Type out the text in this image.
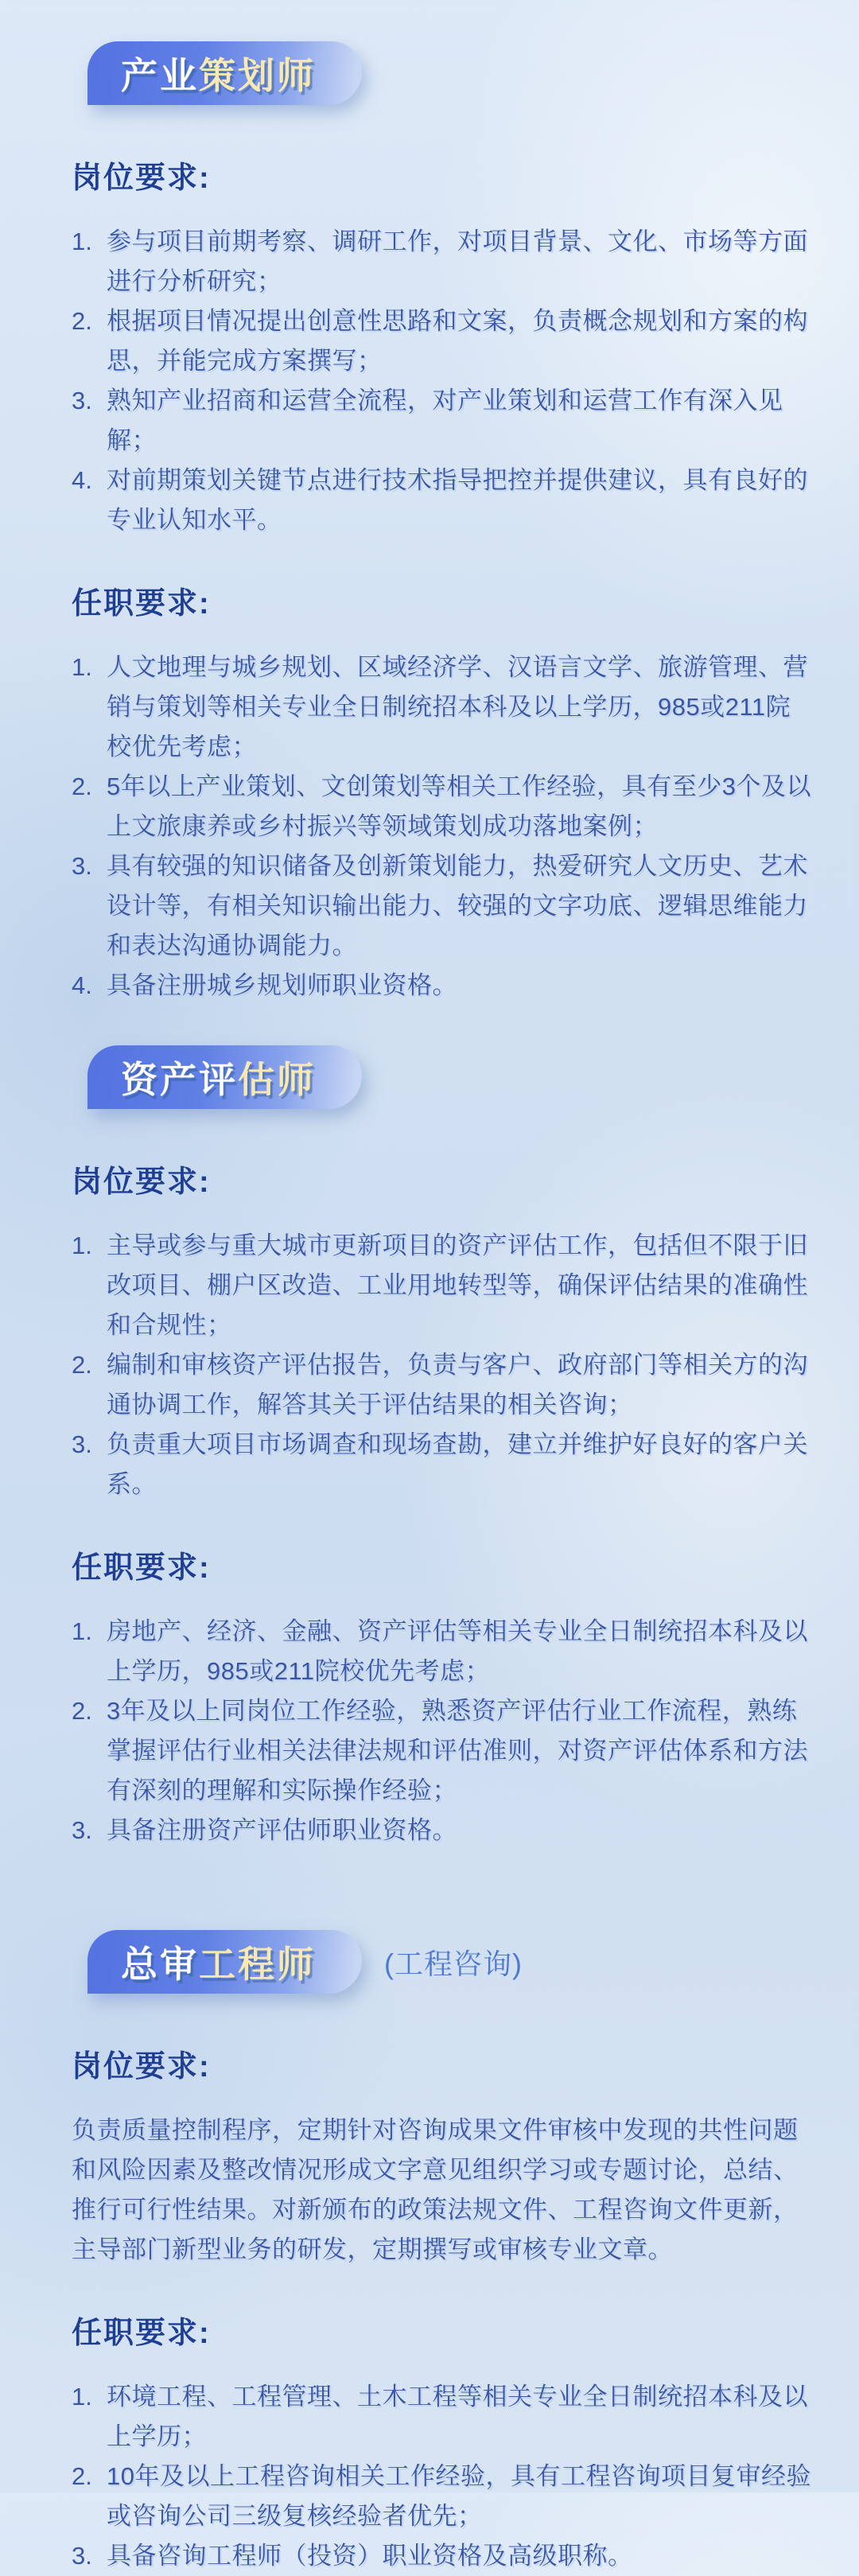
产业 策划师
岗位要求:
1. 参与项目前期考察、调研工作，对项目背景、文化、市场等方面
进行分析研究；
2. 根据项目情况提出创意性思路和文案，负责概念规划和方案的构
思，并能完成方案撰写；
3. 熟知产业招商和运营全流程，对产业策划和运营工作有深入见解；
4. 对前期策划关键节点进行技术指导把控并提供建议，具有良好的
专业认知水平。
任职要求:
1. 人文地理与城乡规划、区域经济学、汉语言文学、旅游管理、营
销与策划等相关专业全日制统招本科及以上学历，985或211院
校优先考虑；
2. 5年以上产业策划、文创策划等相关工作经验，具有至少3个及以
上文旅康养或乡村振兴等领域策划成功落地案例；
3. 具有较强的知识储备及创新策划能力，热爱研究人文历史、艺术
设计等，有相关知识输出能力、较强的文字功底、逻辑思维能力
和表达沟通协调能力。
4. 具备注册城乡规划师职业资格。
资产评 估师
岗位要求:
1. 主导或参与重大城市更新项目的资产评估工作，包括但不限于旧
改项目、棚户区改造、工业用地转型等，确保评估结果的准确性
和合规性；
2. 编制和审核资产评估报告，负责与客户、政府部门等相关方的沟
通协调工作，解答其关于评估结果的相关咨询；
3. 负责重大项目市场调查和现场查勘，建立并维护好良好的客户关
系。
任职要求:
1. 房地产、经济、金融、资产评估等相关专业全日制统招本科及以
上学历，985或211院校优先考虑；
2. 3年及以上同岗位工作经验，熟悉资产评估行业工作流程，熟练
掌握评估行业相关法律法规和评估准则，对资产评估体系和方法
有深刻的理解和实际操作经验；
3. 具备注册资产评估师职业资格。
总审 工程师 (工程咨询)
岗位要求:
负责质量控制程序，定期针对咨询成果文件审核中发现的共性问题
和风险因素及整改情况形成文字意见组织学习或专题讨论，总结、
推行可行性结果。对新颁布的政策法规文件、工程咨询文件更新，
主导部门新型业务的研发，定期撰写或审核专业文章。
任职要求:
1. 环境工程、工程管理、土木工程等相关专业全日制统招本科及以
上学历；
2. 10年及以上工程咨询相关工作经验，具有工程咨询项目复审经验
或咨询公司三级复核经验者优先；
3. 具备咨询工程师（投资）职业资格及高级职称。
